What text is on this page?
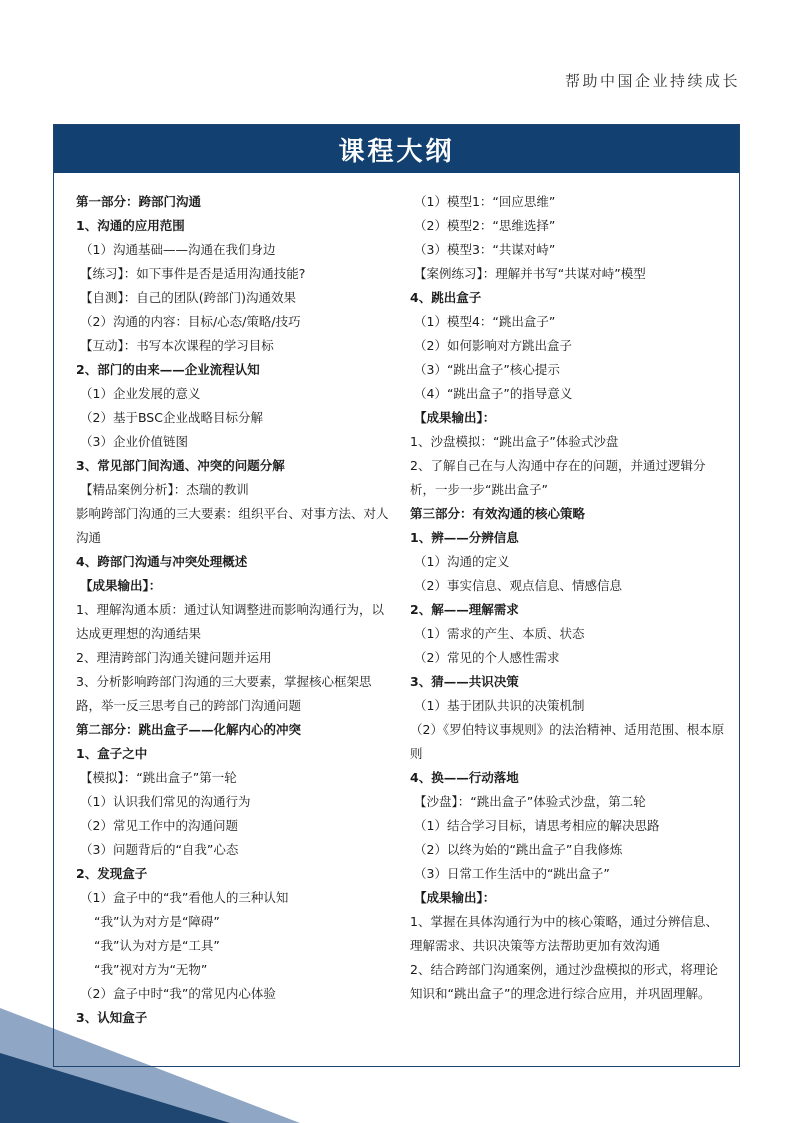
帮助中国企业持续成长
课程大纲
第一部分：跨部门沟通
1、沟通的应用范围
（1）沟通基础——沟通在我们身边
【练习】：如下事件是否是适用沟通技能?
【自测】：自己的团队(跨部门)沟通效果
（2）沟通的内容：目标/心态/策略/技巧
【互动】：书写本次课程的学习目标
2、部门的由来——企业流程认知
（1）企业发展的意义
（2）基于BSC企业战略目标分解
（3）企业价值链图
3、常见部门间沟通、冲突的问题分解
【精品案例分析】：杰瑞的教训
影响跨部门沟通的三大要素：组织平台、对事方法、对人沟通
4、跨部门沟通与冲突处理概述
【成果输出】：
1、理解沟通本质：通过认知调整进而影响沟通行为，以达成更理想的沟通结果
2、理清跨部门沟通关键问题并运用
3、分析影响跨部门沟通的三大要素，掌握核心框架思路，举一反三思考自己的跨部门沟通问题
第二部分：跳出盒子——化解内心的冲突
1、盒子之中
【模拟】：“跳出盒子”第一轮
（1）认识我们常见的沟通行为
（2）常见工作中的沟通问题
（3）问题背后的“自我”心态
2、发现盒子
（1）盒子中的“我”看他人的三种认知
“我”认为对方是“障碍”
“我”认为对方是“工具”
“我”视对方为“无物”
（2）盒子中时“我”的常见内心体验
3、认知盒子
（1）模型1：“回应思维”
（2）模型2：“思维选择”
（3）模型3：“共谋对峙”
【案例练习】：理解并书写“共谋对峙”模型
4、跳出盒子
（1）模型4：“跳出盒子”
（2）如何影响对方跳出盒子
（3）“跳出盒子”核心提示
（4）“跳出盒子”的指导意义
【成果输出】：
1、沙盘模拟：“跳出盒子”体验式沙盘
2、了解自己在与人沟通中存在的问题，并通过逻辑分析，一步一步“跳出盒子”
第三部分：有效沟通的核心策略
1、辨——分辨信息
（1）沟通的定义
（2）事实信息、观点信息、情感信息
2、解——理解需求
（1）需求的产生、本质、状态
（2）常见的个人感性需求
3、猜——共识决策
（1）基于团队共识的决策机制
（2）《罗伯特议事规则》的法治精神、适用范围、根本原则
4、换——行动落地
【沙盘】：“跳出盒子”体验式沙盘，第二轮
（1）结合学习目标，请思考相应的解决思路
（2）以终为始的“跳出盒子”自我修炼
（3）日常工作生活中的“跳出盒子”
【成果输出】：
1、掌握在具体沟通行为中的核心策略，通过分辨信息、理解需求、共识决策等方法帮助更加有效沟通
2、结合跨部门沟通案例，通过沙盘模拟的形式，将理论知识和“跳出盒子”的理念进行综合应用，并巩固理解。
